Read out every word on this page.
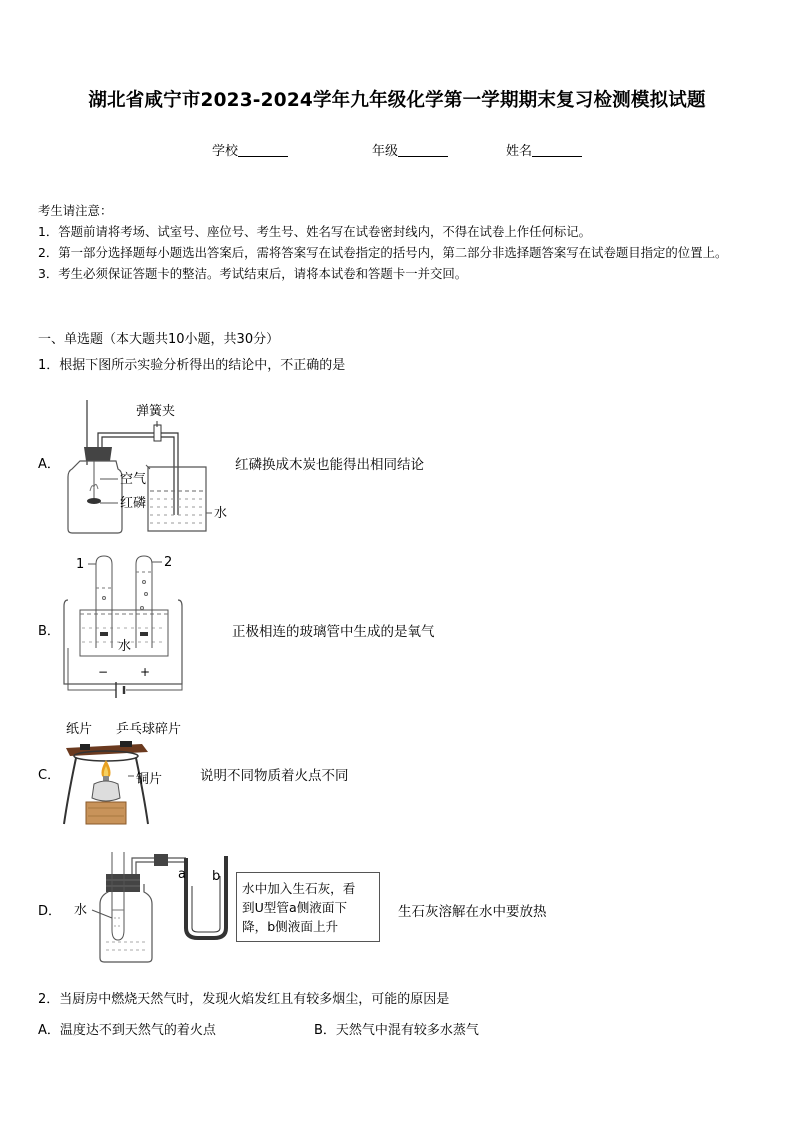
湖北省咸宁市2023-2024学年九年级化学第一学期期末复习检测模拟试题
学校	年级	姓名
考生请注意：
1．答题前请将考场、试室号、座位号、考生号、姓名写在试卷密封线内，不得在试卷上作任何标记。
2．第一部分选择题每小题选出答案后，需将答案写在试卷指定的括号内，第二部分非选择题答案写在试卷题目指定的位置上。
3．考生必须保证答题卡的整洁。考试结束后，请将本试卷和答题卡一并交回。
一、单选题（本大题共10小题，共30分）
1．根据下图所示实验分析得出的结论中，不正确的是
A．
弹簧夹
空气
红磷
水
红磷换成木炭也能得出相同结论
B．
1	2
水
−	+
正极相连的玻璃管中生成的是氧气
纸片 乒乓球碎片
C．	铜片	说明不同物质着火点不同
D． 水
a b
水中加入生石灰，看
到U型管a侧液面下
降，b侧液面上升
生石灰溶解在水中要放热
2．当厨房中燃烧天然气时，发现火焰发红且有较多烟尘，可能的原因是
A．温度达不到天然气的着火点	B．天然气中混有较多水蒸气
